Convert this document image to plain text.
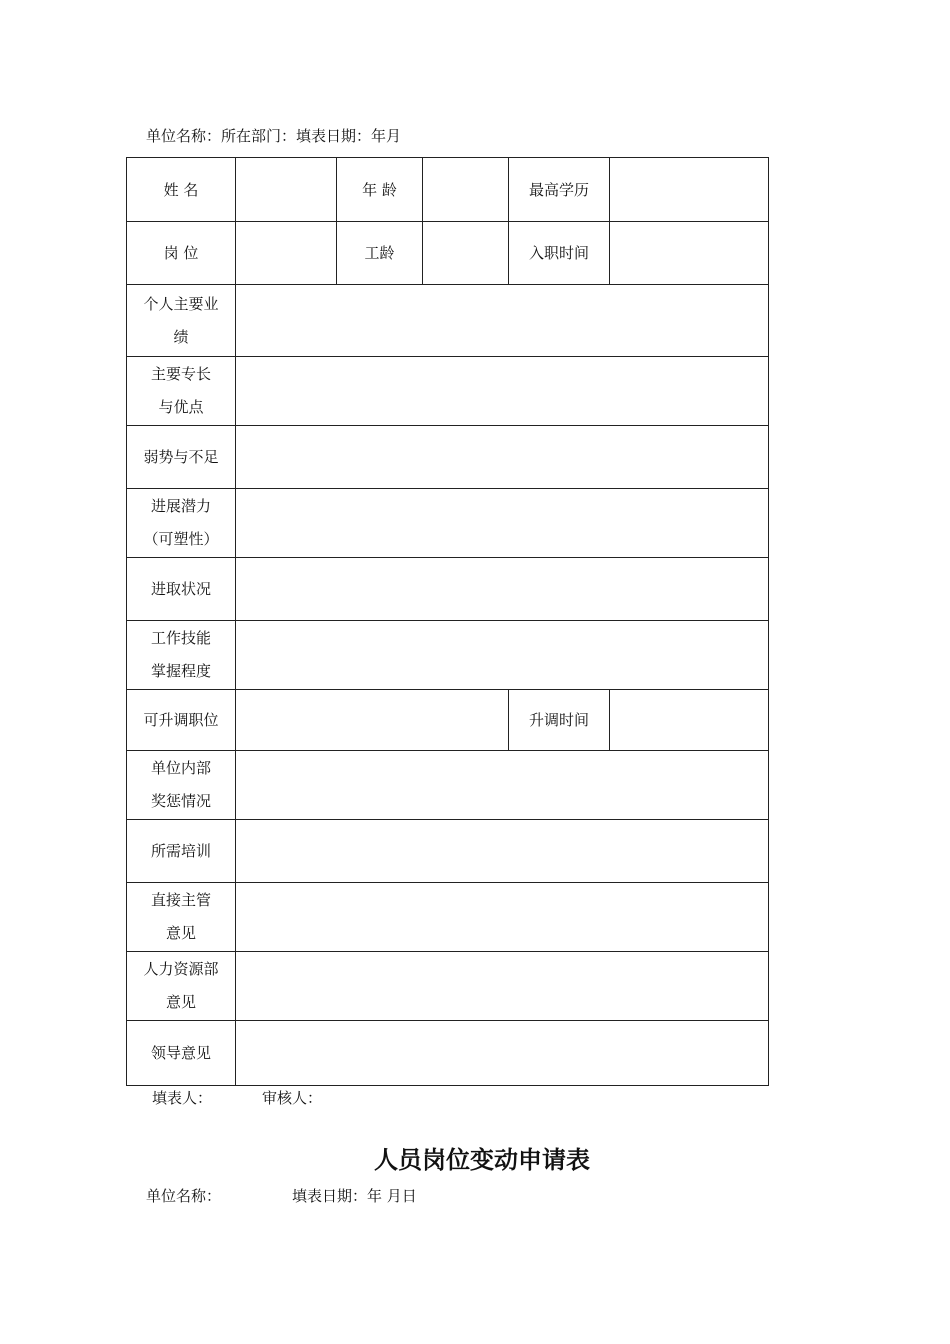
单位名称：所在部门：填表日期：年月
姓 名		年 龄		最高学历	

岗 位		工龄		入职时间	

个人主要业
绩					

主要专长
与优点					

弱势与不足					

进展潜力
（可塑性）					

进取状况					

工作技能
掌握程度					

可升调职位				升调时间	

单位内部
奖惩情况					

所需培训					

直接主管
意见					

人力资源部
意见					

领导意见					

填表人：	审核人：
人员岗位变动申请表
单位名称：	填表日期：年 月日
